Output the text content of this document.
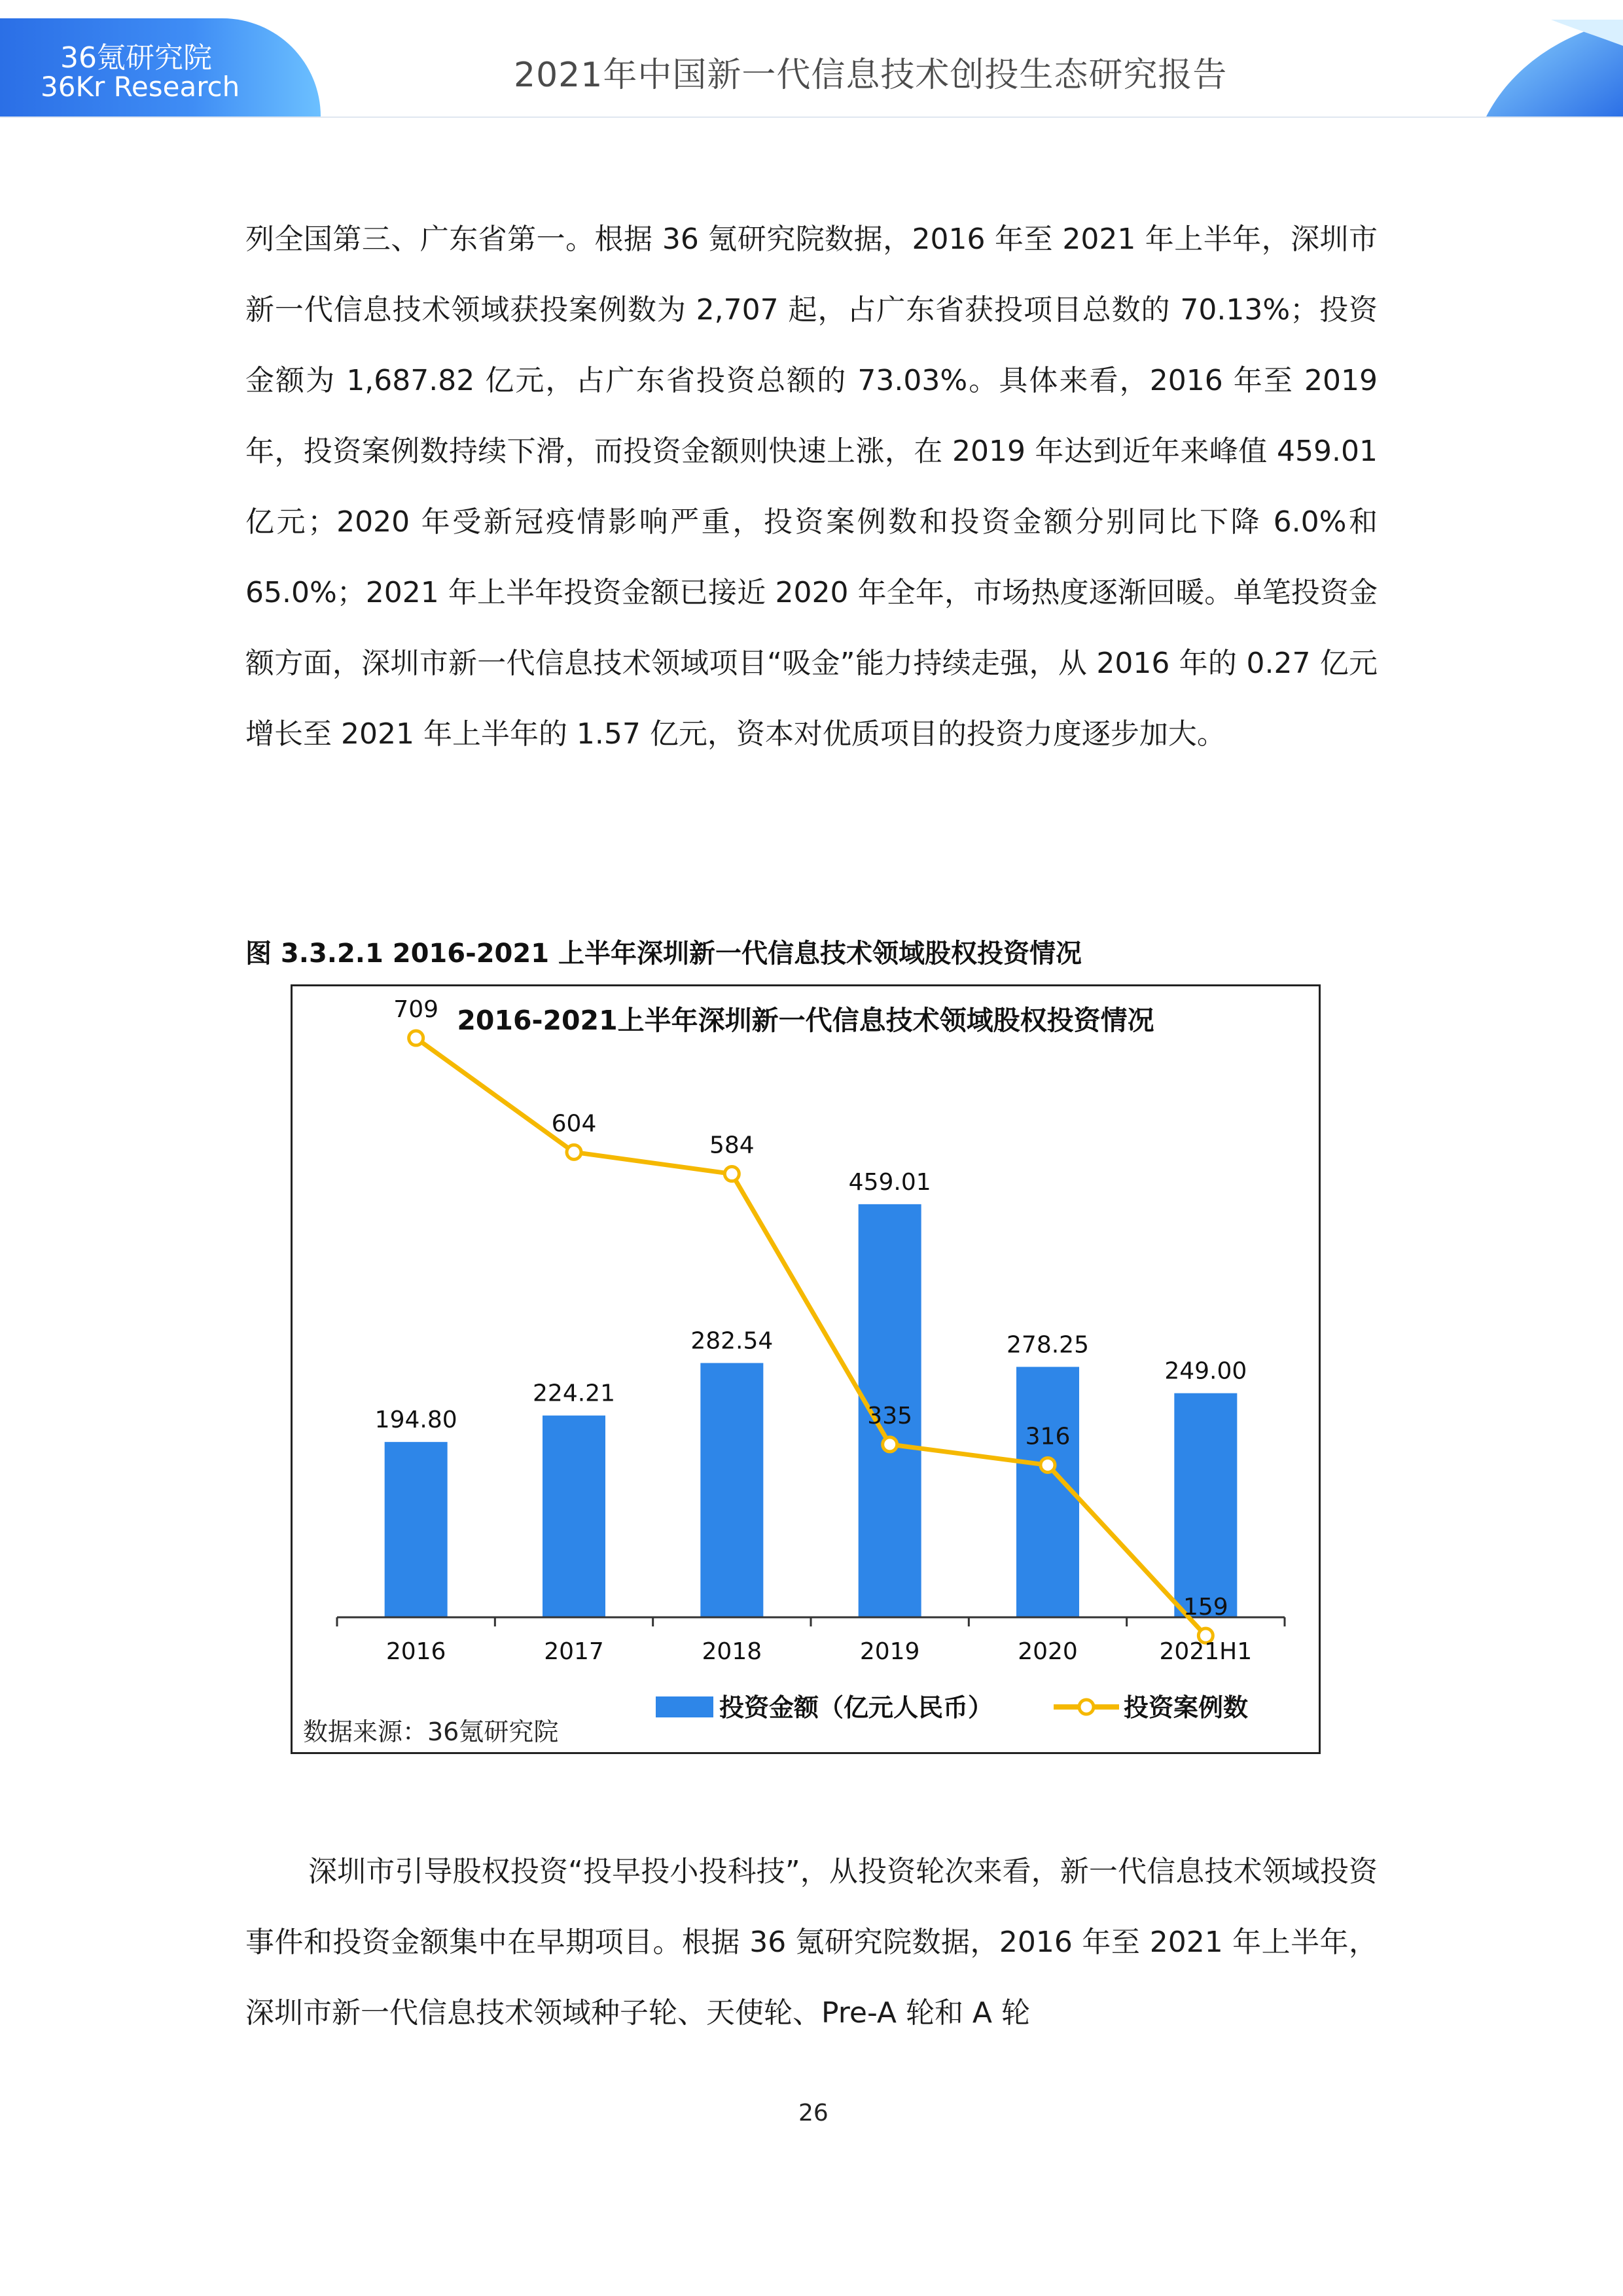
36氪研究院
36Kr Research	2021年中国新一代信息技术创投生态研究报告

列全国第三、广东省第一。根据 36 氪研究院数据，2016 年至 2021 年上半年，深圳市新一代信息技术领域获投案例数为 2,707 起，占广东省获投项目总数的 70.13%；投资金额为 1,687.82 亿元，占广东省投资总额的 73.03%。具体来看，2016 年至 2019 年，投资案例数持续下滑，而投资金额则快速上涨，在 2019 年达到近年来峰值 459.01 亿元；2020 年受新冠疫情影响严重，投资案例数和投资金额分别同比下降 6.0%和 65.0%；2021 年上半年投资金额已接近 2020 年全年，市场热度逐渐回暖。单笔投资金额方面，深圳市新一代信息技术领域项目“吸金”能力持续走强，从 2016 年的 0.27 亿元增长至 2021 年上半年的 1.57 亿元，资本对优质项目的投资力度逐步加大。

图 3.3.2.1 2016-2021 上半年深圳新一代信息技术领域股权投资情况
2016-2021上半年深圳新一代信息技术领域股权投资情况
194.80
2016
224.21
2017
282.54
2018
459.01
2019
278.25
2020
249.00
2021H1
709
604
584
335
316
159
数据来源：36氪研究院
投资金额（亿元人民币）	投资案例数

深圳市引导股权投资“投早投小投科技”，从投资轮次来看，新一代信息技术领域投资事件和投资金额集中在早期项目。根据 36 氪研究院数据，2016 年至 2021 年上半年，深圳市新一代信息技术领域种子轮、天使轮、Pre-A 轮和 A 轮

26
